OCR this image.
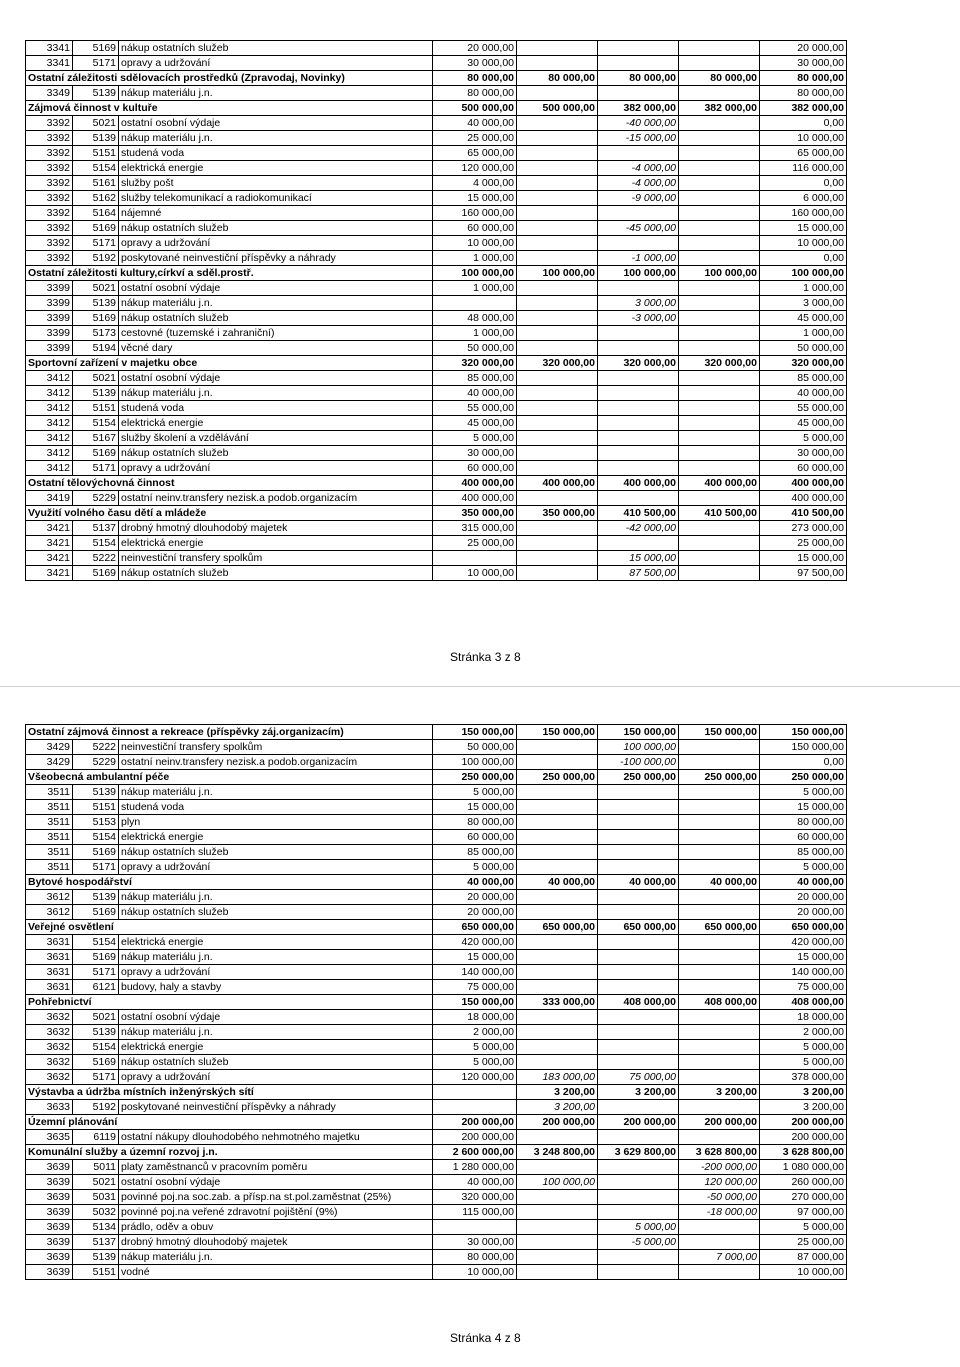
3341	5169	nákup ostatních služeb	20 000,00				20 000,00
3341	5171	opravy a udržování	30 000,00				30 000,00
Ostatní záležitosti sdělovacích prostředků (Zpravodaj, Novinky)			80 000,00	80 000,00	80 000,00	80 000,00	80 000,00
3349	5139	nákup materiálu j.n.	80 000,00				80 000,00
Zájmová činnost v kultuře			500 000,00	500 000,00	382 000,00	382 000,00	382 000,00
3392	5021	ostatní osobní výdaje	40 000,00		-40 000,00		0,00
3392	5139	nákup materiálu j.n.	25 000,00		-15 000,00		10 000,00
3392	5151	studená voda	65 000,00				65 000,00
3392	5154	elektrická energie	120 000,00		-4 000,00		116 000,00
3392	5161	služby pošt	4 000,00		-4 000,00		0,00
3392	5162	služby telekomunikací a radiokomunikací	15 000,00		-9 000,00		6 000,00
3392	5164	nájemné	160 000,00				160 000,00
3392	5169	nákup ostatních služeb	60 000,00		-45 000,00		15 000,00
3392	5171	opravy a udržování	10 000,00				10 000,00
3392	5192	poskytované neinvestiční příspěvky a náhrady	1 000,00		-1 000,00		0,00
Ostatní záležitosti kultury,církví a sděl.prostř.			100 000,00	100 000,00	100 000,00	100 000,00	100 000,00
3399	5021	ostatní osobní výdaje	1 000,00				1 000,00
3399	5139	nákup materiálu j.n.			3 000,00		3 000,00
3399	5169	nákup ostatních služeb	48 000,00		-3 000,00		45 000,00
3399	5173	cestovné (tuzemské i zahraniční)	1 000,00				1 000,00
3399	5194	věcné dary	50 000,00				50 000,00
Sportovní zařízení v majetku obce			320 000,00	320 000,00	320 000,00	320 000,00	320 000,00
3412	5021	ostatní osobní výdaje	85 000,00				85 000,00
3412	5139	nákup materiálu j.n.	40 000,00				40 000,00
3412	5151	studená voda	55 000,00				55 000,00
3412	5154	elektrická energie	45 000,00				45 000,00
3412	5167	služby školení a vzdělávání	5 000,00				5 000,00
3412	5169	nákup ostatních služeb	30 000,00				30 000,00
3412	5171	opravy a udržování	60 000,00				60 000,00
Ostatní tělovýchovná činnost			400 000,00	400 000,00	400 000,00	400 000,00	400 000,00
3419	5229	ostatní neinv.transfery nezisk.a podob.organizacím	400 000,00				400 000,00
Využití volného času dětí a mládeže			350 000,00	350 000,00	410 500,00	410 500,00	410 500,00
3421	5137	drobný hmotný dlouhodobý majetek	315 000,00		-42 000,00		273 000,00
3421	5154	elektrická energie	25 000,00				25 000,00
3421	5222	neinvestiční transfery spolkům			15 000,00		15 000,00
3421	5169	nákup ostatních služeb	10 000,00		87 500,00		97 500,00
Stránka 3 z 8
Ostatní zájmová činnost a rekreace (příspěvky záj.organizacím)			150 000,00	150 000,00	150 000,00	150 000,00	150 000,00
3429	5222	neinvestiční transfery spolkům	50 000,00		100 000,00		150 000,00
3429	5229	ostatní neinv.transfery nezisk.a podob.organizacím	100 000,00		-100 000,00		0,00
Všeobecná ambulantní péče			250 000,00	250 000,00	250 000,00	250 000,00	250 000,00
3511	5139	nákup materiálu j.n.	5 000,00				5 000,00
3511	5151	studená voda	15 000,00				15 000,00
3511	5153	plyn	80 000,00				80 000,00
3511	5154	elektrická energie	60 000,00				60 000,00
3511	5169	nákup ostatních služeb	85 000,00				85 000,00
3511	5171	opravy a udržování	5 000,00				5 000,00
Bytové hospodářství			40 000,00	40 000,00	40 000,00	40 000,00	40 000,00
3612	5139	nákup materiálu j.n.	20 000,00				20 000,00
3612	5169	nákup ostatních služeb	20 000,00				20 000,00
Veřejné osvětlení			650 000,00	650 000,00	650 000,00	650 000,00	650 000,00
3631	5154	elektrická energie	420 000,00				420 000,00
3631	5169	nákup materiálu j.n.	15 000,00				15 000,00
3631	5171	opravy a udržování	140 000,00				140 000,00
3631	6121	budovy, haly a stavby	75 000,00				75 000,00
Pohřebnictví			150 000,00	333 000,00	408 000,00	408 000,00	408 000,00
3632	5021	ostatní osobní výdaje	18 000,00				18 000,00
3632	5139	nákup materiálu j.n.	2 000,00				2 000,00
3632	5154	elektrická energie	5 000,00				5 000,00
3632	5169	nákup ostatních služeb	5 000,00				5 000,00
3632	5171	opravy a udržování	120 000,00	183 000,00	75 000,00		378 000,00
Výstavba a údržba místních inženýrských sítí				3 200,00	3 200,00	3 200,00	3 200,00
3633	5192	poskytované neinvestiční příspěvky a náhrady		3 200,00			3 200,00
Územní plánování			200 000,00	200 000,00	200 000,00	200 000,00	200 000,00
3635	6119	ostatní nákupy dlouhodobého nehmotného majetku	200 000,00				200 000,00
Komunální služby a územní rozvoj j.n.			2 600 000,00	3 248 800,00	3 629 800,00	3 628 800,00	3 628 800,00
3639	5011	platy zaměstnanců v pracovním poměru	1 280 000,00			-200 000,00	1 080 000,00
3639	5021	ostatní osobní výdaje	40 000,00	100 000,00		120 000,00	260 000,00
3639	5031	povinné poj.na soc.zab. a přísp.na st.pol.zaměstnat (25%)	320 000,00			-50 000,00	270 000,00
3639	5032	povinné poj.na veřené zdravotní pojištění (9%)	115 000,00			-18 000,00	97 000,00
3639	5134	prádlo, oděv a obuv			5 000,00		5 000,00
3639	5137	drobný hmotný dlouhodobý majetek	30 000,00		-5 000,00		25 000,00
3639	5139	nákup materiálu j.n.	80 000,00			7 000,00	87 000,00
3639	5151	vodné	10 000,00				10 000,00
Stránka 4 z 8
